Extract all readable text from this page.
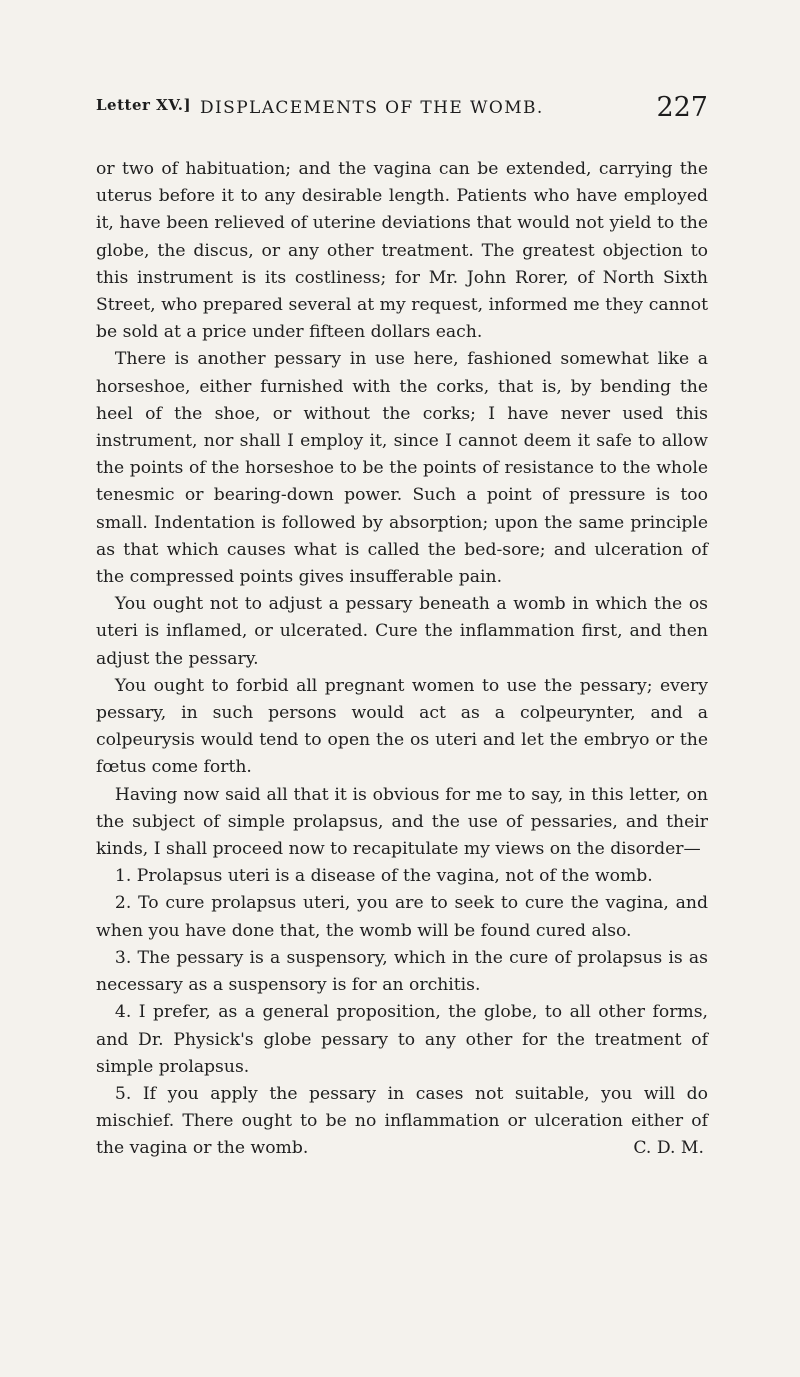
Letter XV.] DISPLACEMENTS OF THE WOMB.	227

or two of habituation; and the vagina can be extended, carrying the uterus before it to any desirable length. Patients who have employed it, have been relieved of uterine deviations that would not yield to the globe, the discus, or any other treatment. The greatest objection to this instrument is its costliness; for Mr. John Rorer, of North Sixth Street, who prepared several at my request, informed me they cannot be sold at a price under fifteen dollars each.

There is another pessary in use here, fashioned somewhat like a horseshoe, either furnished with the corks, that is, by bending the heel of the shoe, or without the corks; I have never used this instrument, nor shall I employ it, since I cannot deem it safe to allow the points of the horseshoe to be the points of resistance to the whole tenesmic or bearing-down power. Such a point of pressure is too small. Indentation is followed by absorption; upon the same principle as that which causes what is called the bed-sore; and ulceration of the compressed points gives insufferable pain.

You ought not to adjust a pessary beneath a womb in which the os uteri is inflamed, or ulcerated. Cure the inflammation first, and then adjust the pessary.

You ought to forbid all pregnant women to use the pessary; every pessary, in such persons would act as a colpeurynter, and a colpeurysis would tend to open the os uteri and let the embryo or the fœtus come forth.

Having now said all that it is obvious for me to say, in this letter, on the subject of simple prolapsus, and the use of pessaries, and their kinds, I shall proceed now to recapitulate my views on the disorder—

1. Prolapsus uteri is a disease of the vagina, not of the womb.

2. To cure prolapsus uteri, you are to seek to cure the vagina, and when you have done that, the womb will be found cured also.

3. The pessary is a suspensory, which in the cure of prolapsus is as necessary as a suspensory is for an orchitis.

4. I prefer, as a general proposition, the globe, to all other forms, and Dr. Physick's globe pessary to any other for the treatment of simple prolapsus.

5. If you apply the pessary in cases not suitable, you will do mischief. There ought to be no inflammation or ulceration either of the vagina or the womb.	C. D. M.
